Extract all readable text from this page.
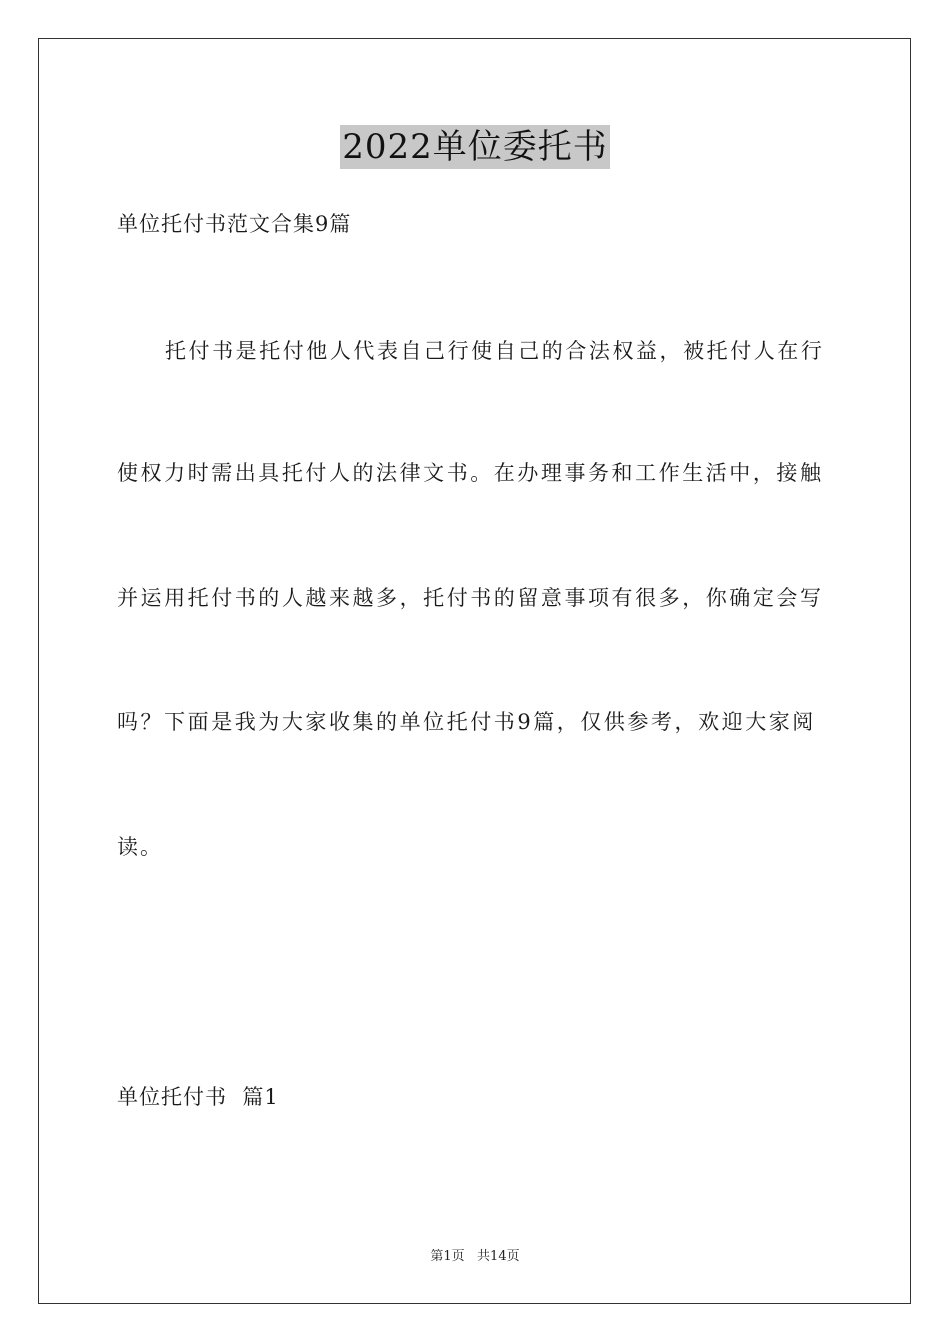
2022单位委托书
单位托付书范文合集9篇
托付书是托付他人代表自己行使自己的合法权益，被托付人在行
使权力时需出具托付人的法律文书。在办理事务和工作生活中，接触
并运用托付书的人越来越多，托付书的留意事项有很多，你确定会写
吗？下面是我为大家收集的单位托付书9篇，仅供参考，欢迎大家阅
读。
单位托付书  篇1
第1页   共14页
